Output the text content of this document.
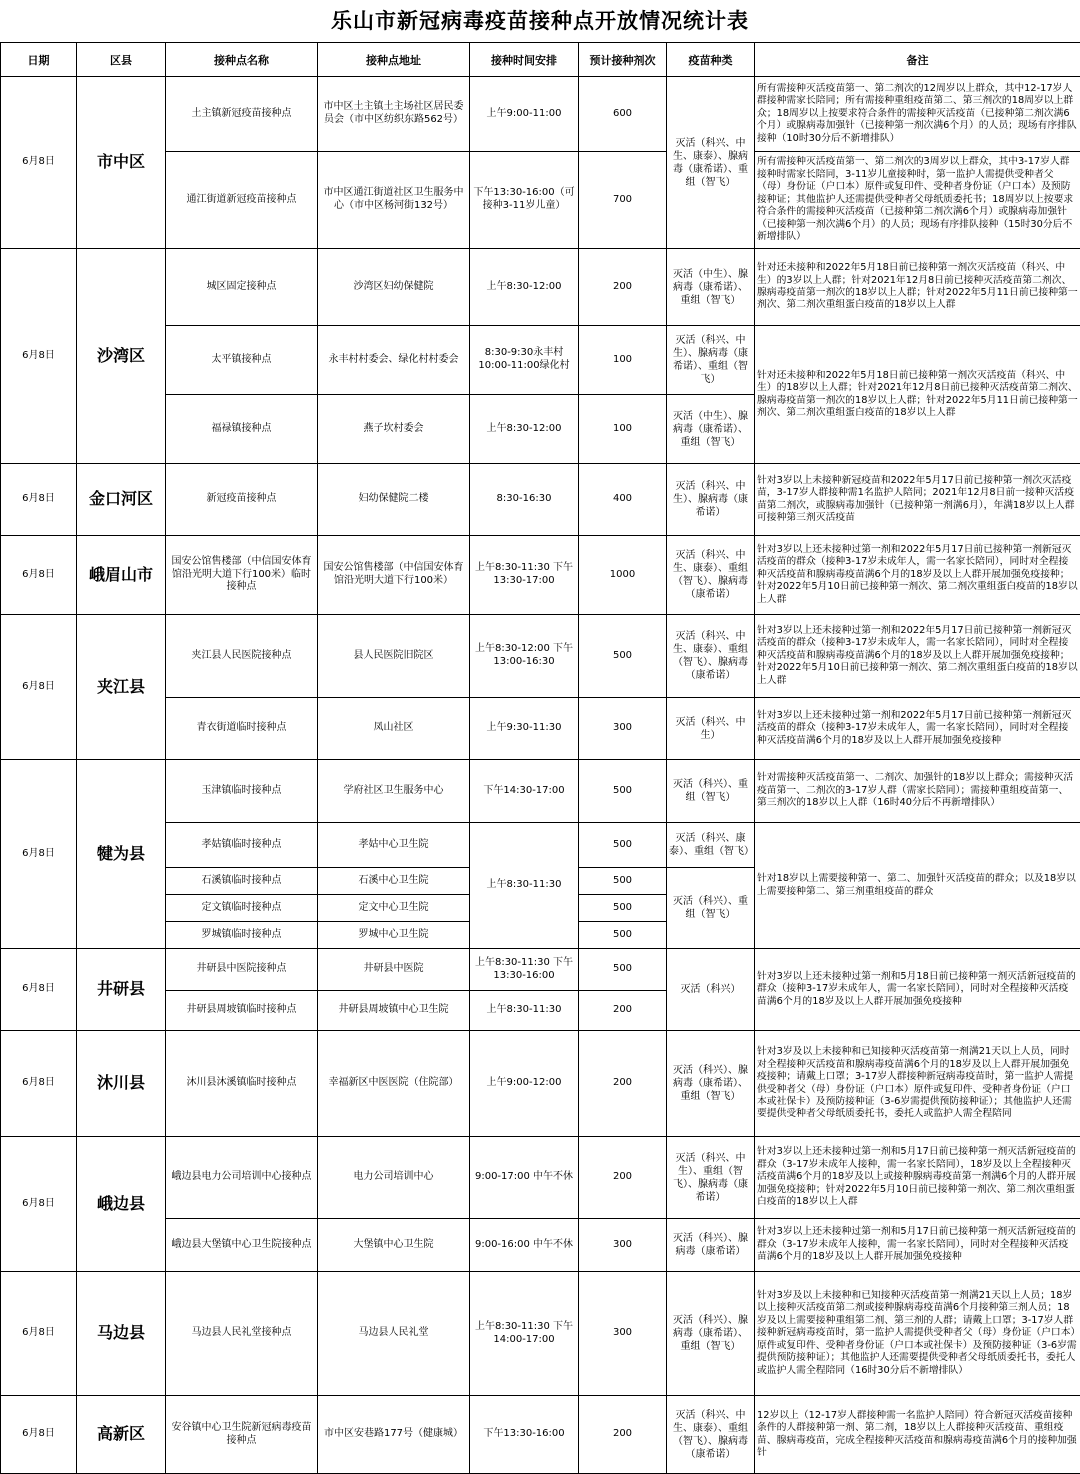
乐山市新冠病毒疫苗接种点开放情况统计表
日期	区县	接种点名称	接种点地址	接种时间安排	预计接种剂次	疫苗种类	备注
6月8日	市中区	土主镇新冠疫苗接种点	市中区土主镇土主场社区居民委员会（市中区纺织东路562号）	上午9:00-11:00	600	灭活（科兴、中生、康泰）、腺病毒（康希诺）、重组（智飞）	所有需接种灭活疫苗第一、第二剂次的12周岁以上群众，其中12-17岁人群接种需家长陪同；所有需接种重组疫苗第二、第三剂次的18周岁以上群众；18周岁以上按要求符合条件的需接种灭活疫苗（已接种第二剂次满6个月）或腺病毒加强针（已接种第一剂次满6个月）的人员；现场有序排队接种（10时30分后不新增排队）
		通江街道新冠疫苗接种点	市中区通江街道社区卫生服务中心（市中区杨河街132号）	下午13:30-16:00（可接种3-11岁儿童）	700		所有需接种灭活疫苗第一、第二剂次的3周岁以上群众，其中3-17岁人群接种时需家长陪同，3-11岁儿童接种时，第一监护人需提供受种者父（母）身份证（户口本）原件或复印件、受种者身份证（户口本）及预防接种证；其他监护人还需提供受种者父母纸质委托书；18周岁以上按要求符合条件的需接种灭活疫苗（已接种第二剂次满6个月）或腺病毒加强针（已接种第一剂次满6个月）的人员；现场有序排队接种（15时30分后不新增排队）
6月8日	沙湾区	城区固定接种点	沙湾区妇幼保健院	上午8:30-12:00	200	灭活（中生）、腺病毒（康希诺）、重组（智飞）	针对还未接种和2022年5月18日前已接种第一剂次灭活疫苗（科兴、中生）的3岁以上人群；针对2021年12月8日前已接种灭活疫苗第二剂次、腺病毒疫苗第一剂次的18岁以上人群；针对2022年5月11日前已接种第一剂次、第二剂次重组蛋白疫苗的18岁以上人群
		太平镇接种点	永丰村村委会、绿化村村委会	8:30-9:30永丰村 10:00-11:00绿化村	100	灭活（科兴、中生）、腺病毒（康希诺）、重组（智飞）	针对还未接种和2022年5月18日前已接种第一剂次灭活疫苗（科兴、中生）的18岁以上人群；针对2021年12月8日前已接种灭活疫苗第二剂次、腺病毒疫苗第一剂次的18岁以上人群；针对2022年5月11日前已接种第一剂次、第二剂次重组蛋白疫苗的18岁以上人群
		福禄镇接种点	燕子坎村委会	上午8:30-12:00	100	灭活（中生）、腺病毒（康希诺）、重组（智飞）	
6月8日	金口河区	新冠疫苗接种点	妇幼保健院二楼	8:30-16:30	400	灭活（科兴、中生）、腺病毒（康希诺）	针对3岁以上未接种新冠疫苗和2022年5月17日前已接种第一剂次灭活疫苗，3-17岁人群接种需1名监护人陪同；2021年12月8日前一接种灭活疫苗第二剂次，或腺病毒加强针（已接种第一剂满6月），年满18岁以上人群可接种第三剂灭活疫苗
6月8日	峨眉山市	国安公馆售楼部（中信国安体育馆沿光明大道下行100米）临时接种点	国安公馆售楼部（中信国安体育馆沿光明大道下行100米）	上午8:30-11:30 下午13:30-17:00	1000	灭活（科兴、中生、康泰）、重组（智飞）、腺病毒（康希诺）	针对3岁以上还未接种过第一剂和2022年5月17日前已接种第一剂新冠灭活疫苗的群众（接种3-17岁未成年人，需一名家长陪同），同时对全程接种灭活疫苗和腺病毒疫苗满6个月的18岁及以上人群开展加强免疫接种；针对2022年5月10日前已接种第一剂次、第二剂次重组蛋白疫苗的18岁以上人群
6月8日	夹江县	夹江县人民医院接种点	县人民医院旧院区	上午8:30-12:00 下午13:00-16:30	500	灭活（科兴、中生、康泰）、重组（智飞）、腺病毒（康希诺）	针对3岁以上还未接种过第一剂和2022年5月17日前已接种第一剂新冠灭活疫苗的群众（接种3-17岁未成年人，需一名家长陪同），同时对全程接种灭活疫苗和腺病毒疫苗满6个月的18岁及以上人群开展加强免疫接种；针对2022年5月10日前已接种第一剂次、第二剂次重组蛋白疫苗的18岁以上人群
		青衣街道临时接种点	凤山社区	上午9:30-11:30	300	灭活（科兴、中生）	针对3岁以上还未接种过第一剂和2022年5月17日前已接种第一剂新冠灭活疫苗的群众（接种3-17岁未成年人，需一名家长陪同），同时对全程接种灭活疫苗满6个月的18岁及以上人群开展加强免疫接种
6月8日	犍为县	玉津镇临时接种点	学府社区卫生服务中心	下午14:30-17:00	500	灭活（科兴）、重组（智飞）	针对需接种灭活疫苗第一、二剂次、加强针的18岁以上群众；需接种灭活疫苗第一、二剂次的3-17岁人群（需家长陪同）；需接种重组疫苗第一、第三剂次的18岁以上人群（16时40分后不再新增排队）
		孝姑镇临时接种点	孝姑中心卫生院	上午8:30-11:30	500	灭活（科兴、康泰）、重组（智飞）	针对18岁以上需要接种第一、第二、加强针灭活疫苗的群众；以及18岁以上需要接种第二、第三剂重组疫苗的群众
		石溪镇临时接种点	石溪中心卫生院		500	灭活（科兴）、重组（智飞）	
		定文镇临时接种点	定文中心卫生院		500		
		罗城镇临时接种点	罗城中心卫生院		500		
6月8日	井研县	井研县中医院接种点	井研县中医院	上午8:30-11:30 下午13:30-16:00	500	灭活（科兴）	针对3岁以上还未接种过第一剂和5月18日前已接种第一剂灭活新冠疫苗的群众（接种3-17岁未成年人，需一名家长陪同），同时对全程接种灭活疫苗满6个月的18岁及以上人群开展加强免疫接种
		井研县周坡镇临时接种点	井研县周坡镇中心卫生院	上午8:30-11:30	200		
6月8日	沐川县	沐川县沐溪镇临时接种点	幸福新区中医医院（住院部）	上午9:00-12:00	200	灭活（科兴）、腺病毒（康希诺）、重组（智飞）	针对3岁及以上未接种和已知接种灭活疫苗第一剂满21天以上人员，同时对全程接种灭活疫苗和腺病毒疫苗满6个月的18岁及以上人群开展加强免疫接种；请戴上口罩；3-17岁人群接种新冠病毒疫苗时，第一监护人需提供受种者父（母）身份证（户口本）原件或复印件、受种者身份证（户口本或社保卡）及预防接种证（3-6岁需提供预防接种证）；其他监护人还需要提供受种者父母纸质委托书，委托人或监护人需全程陪同
6月8日	峨边县	峨边县电力公司培训中心接种点	电力公司培训中心	9:00-17:00 中午不休	200	灭活（科兴、中生）、重组（智飞）、腺病毒（康希诺）	针对3岁以上还未接种过第一剂和5月17日前已接种第一剂灭活新冠疫苗的群众（3-17岁未成年人接种，需一名家长陪同），18岁及以上全程接种灭活疫苗满6个月的18岁及以上或接种腺病毒疫苗第一剂满6个月的人群开展加强免疫接种；针对2022年5月10日前已接种第一剂次、第二剂次重组蛋白疫苗的18岁以上人群
		峨边县大堡镇中心卫生院接种点	大堡镇中心卫生院	9:00-16:00 中午不休	300	灭活（科兴）、腺病毒（康希诺）	针对3岁以上还未接种过第一剂和5月17日前已接种第一剂灭活新冠疫苗的群众（3-17岁未成年人接种，需一名家长陪同），同时对全程接种灭活疫苗满6个月的18岁及以上人群开展加强免疫接种
6月8日	马边县	马边县人民礼堂接种点	马边县人民礼堂	上午8:30-11:30 下午14:00-17:00	300	灭活（科兴）、腺病毒（康希诺）、重组（智飞）	针对3岁及以上未接种和已知接种灭活疫苗第一剂满21天以上人员；18岁以上接种灭活疫苗第二剂或接种腺病毒疫苗满6个月接种第三剂人员；18岁及以上需要接种重组第二剂、第三剂的人群；请戴上口罩；3-17岁人群接种新冠病毒疫苗时，第一监护人需提供受种者父（母）身份证（户口本）原件或复印件、受种者身份证（户口本或社保卡）及预防接种证（3-6岁需提供预防接种证）；其他监护人还需要提供受种者父母纸质委托书，委托人或监护人需全程陪同（16时30分后不新增排队）
6月8日	高新区	安谷镇中心卫生院新冠病毒疫苗接种点	市中区安巷路177号（健康城）	下午13:30-16:00	200	灭活（科兴、中生、康泰）、重组（智飞）、腺病毒（康希诺）	12岁以上（12-17岁人群接种需一名监护人陪同）符合新冠灭活疫苗接种条件的人群接种第一剂、第二剂，18岁以上人群接种灭活疫苗、重组疫苗、腺病毒疫苗，完成全程接种灭活疫苗和腺病毒疫苗满6个月的接种加强针
